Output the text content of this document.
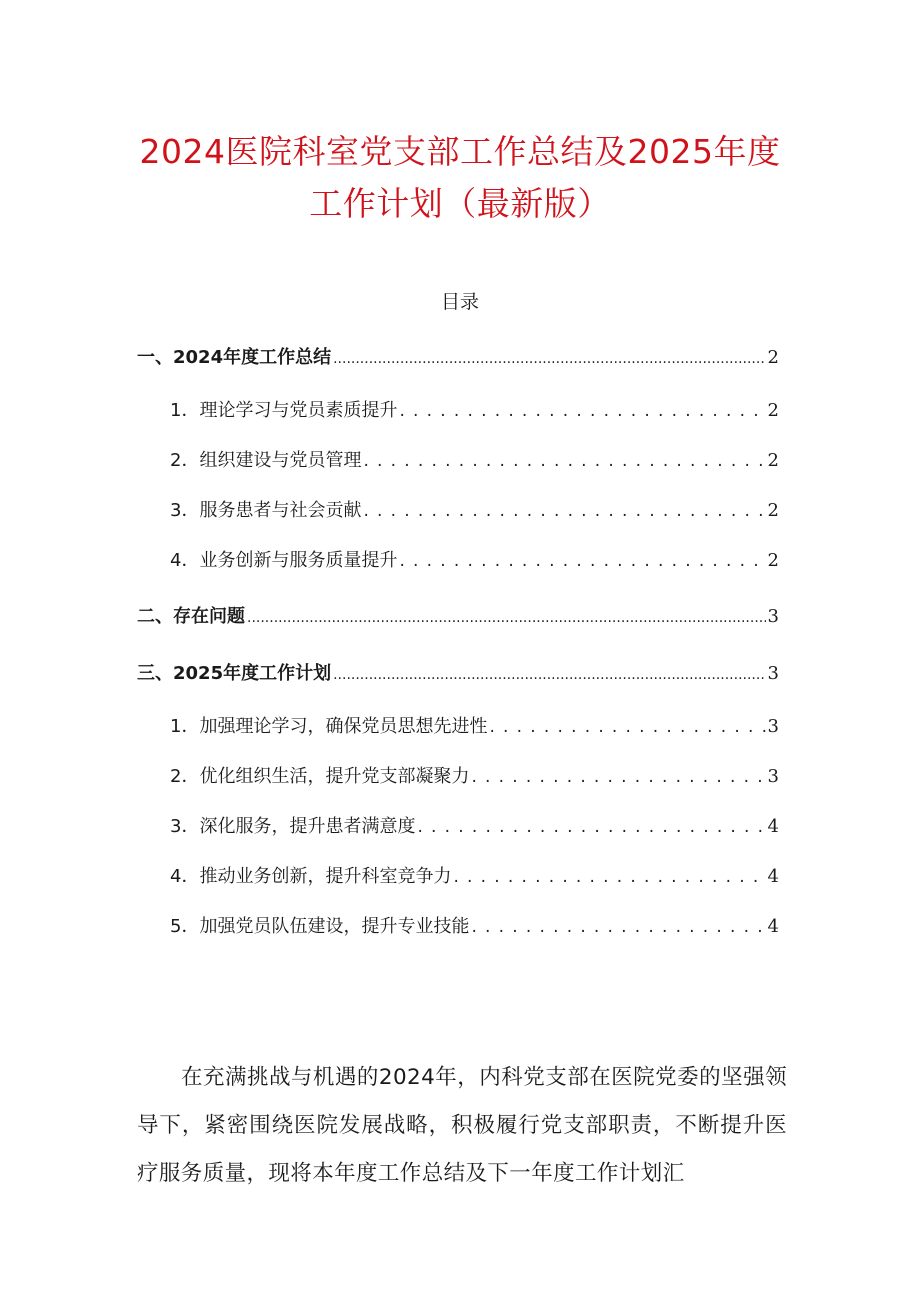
2024医院科室党支部工作总结及2025年度
工作计划（最新版）
目录
一、2024年度工作总结 .....	2
1．理论学习与党员素质提升 . . .	2
2．组织建设与党员管理 . . .	2
3．服务患者与社会贡献 . . .	2
4．业务创新与服务质量提升 . . .	2
二、存在问题 .....	3
三、2025年度工作计划 .....	3
1．加强理论学习，确保党员思想先进性 . . .	3
2．优化组织生活，提升党支部凝聚力 . . .	3
3．深化服务，提升患者满意度 . . .	4
4．推动业务创新，提升科室竞争力 . . .	4
5．加强党员队伍建设，提升专业技能 . . .	4

在充满挑战与机遇的2024年，内科党支部在医院党委的坚强领导下，紧密围绕医院发展战略，积极履行党支部职责，不断提升医疗服务质量，现将本年度工作总结及下一年度工作计划汇
